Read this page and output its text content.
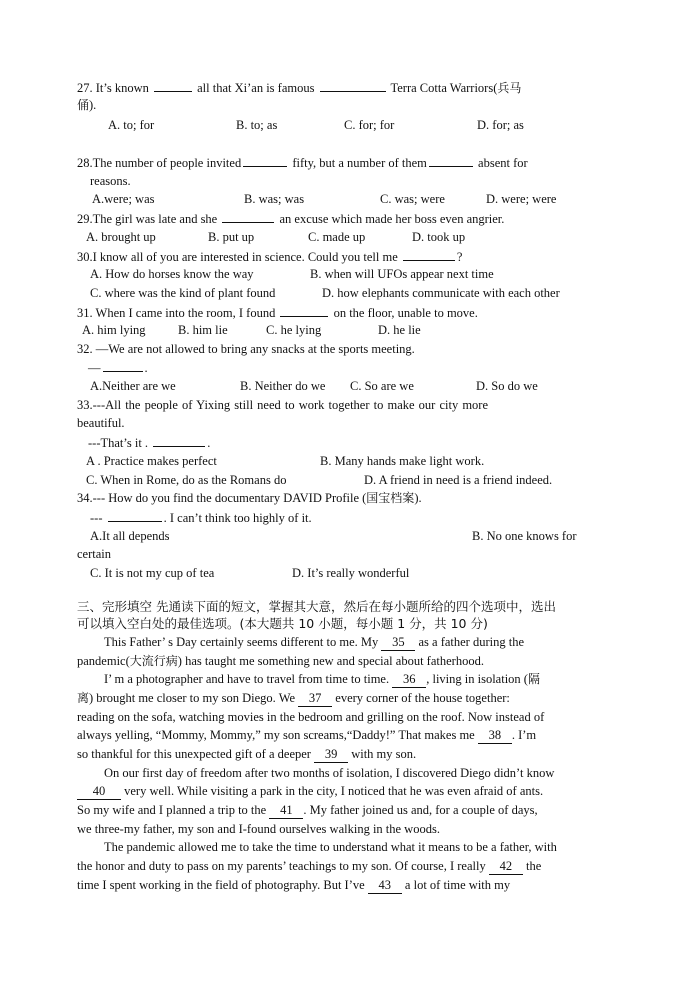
27. It’s known	all that Xi’an is famous	Terra Cotta Warriors(兵马
俑).
A. to; for	B. to; as	C. for; for	D. for; as
28.The number of people invited	fifty, but a number of them	absent for
reasons.
A.were; was	B. was; was	C. was; were	D. were; were
29.The girl was late and she	an excuse which made her boss even angrier.
A. brought up	B. put up	C. made up	D. took up
30.I know all of you are interested in science. Could you tell me	?
A. How do horses know the way	B. when will UFOs appear next time
C. where was the kind of plant found	D. how elephants communicate with each other
31. When I came into the room, I found	on the floor, unable to move.
A. him lying	B. him lie	C. he lying	D. he lie
32. —We are not allowed to bring any snacks at the sports meeting.
—	.
A.Neither are we	B. Neither do we C. So are we	D. So do we
33.---All the people of Yixing still need to work together to make our city more
beautiful.
---That’s it .	.
A . Practice makes perfect	B. Many hands make light work.
C. When in Rome, do as the Romans do	D. A friend in need is a friend indeed.
34.--- How do you find the documentary DAVID Profile (国宝档案).
---	. I can’t think too highly of it.
A.It all depends	B. No one knows for
certain
C. It is not my cup of tea	D. It’s really wonderful
三、完形填空 先通读下面的短文，掌握其大意，然后在每小题所给的四个选项中，选出
可以填入空白处的最佳选项。(本大题共 10 小题，每小题 1 分，共 10 分)
This Father’ s Day certainly seems different to me. My 35 as a father during the
pandemic(大流行病) has taught me something new and special about fatherhood.
I’ m a photographer and have to travel from time to time. 36 , living in isolation (隔
离) brought me closer to my son Diego. We 37 every corner of the house together:
reading on the sofa, watching movies in the bedroom and grilling on the roof. Now instead of
always yelling, “Mommy, Mommy,” my son screams,“Daddy!” That makes me 38 . I’m
so thankful for this unexpected gift of a deeper 39 with my son.
On our first day of freedom after two months of isolation, I discovered Diego didn’t know
40 very well. While visiting a park in the city, I noticed that he was even afraid of ants.
So my wife and I planned a trip to the 41 . My father joined us and, for a couple of days,
we three-my father, my son and I-found ourselves walking in the woods.
The pandemic allowed me to take the time to understand what it means to be a father, with
the honor and duty to pass on my parents’ teachings to my son. Of course, I really 42 the
time I spent working in the field of photography. But I’ve 43 a lot of time with my
